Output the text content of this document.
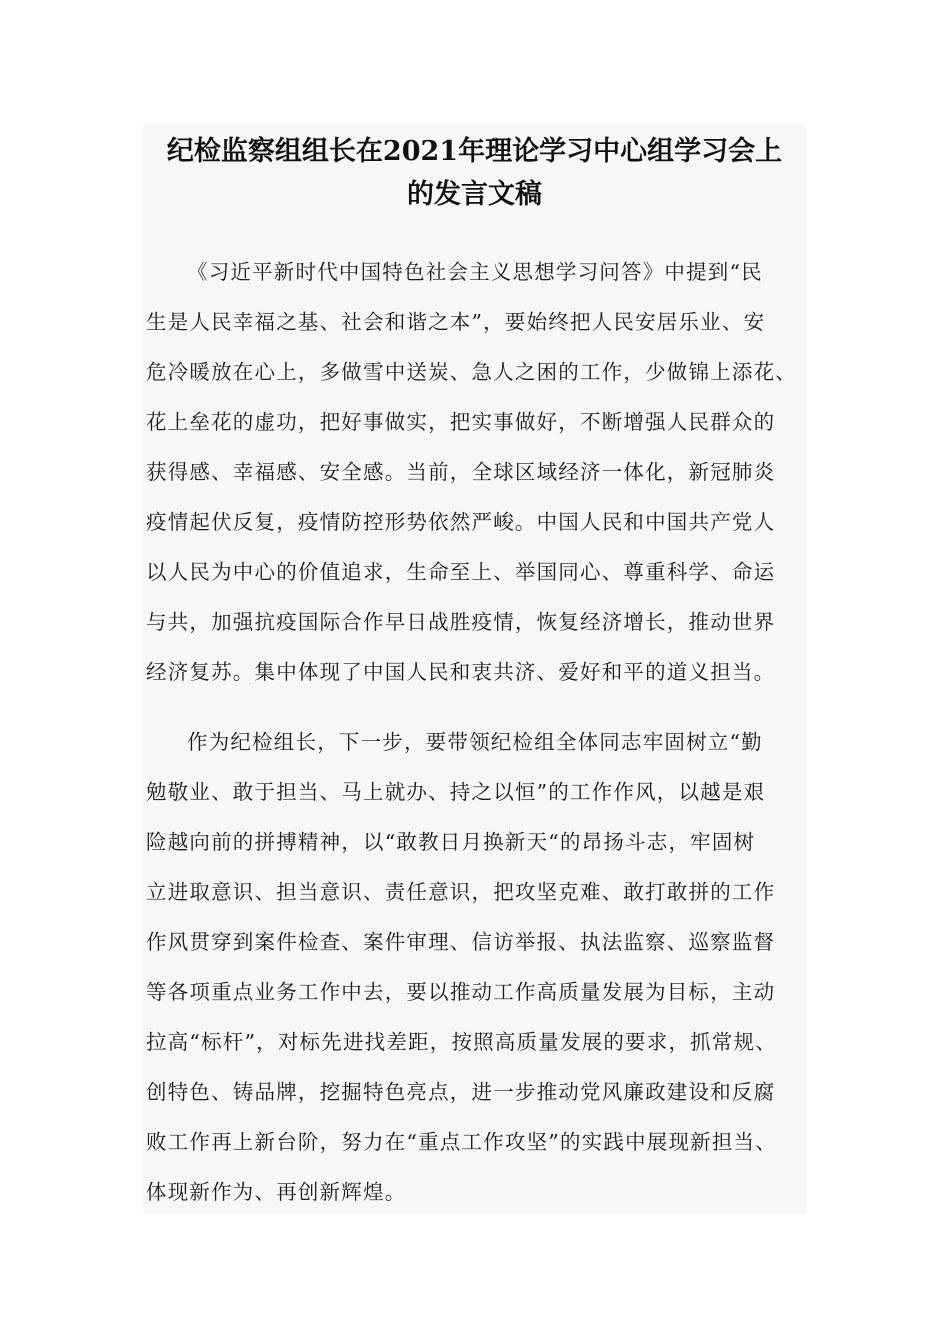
纪检监察组组长在2021年理论学习中心组学习会上
的发言文稿
《习近平新时代中国特色社会主义思想学习问答》中提到“民
生是人民幸福之基、社会和谐之本”，要始终把人民安居乐业、安
危冷暖放在心上，多做雪中送炭、急人之困的工作，少做锦上添花、
花上垒花的虚功，把好事做实，把实事做好，不断增强人民群众的
获得感、幸福感、安全感。当前，全球区域经济一体化，新冠肺炎
疫情起伏反复，疫情防控形势依然严峻。中国人民和中国共产党人
以人民为中心的价值追求，生命至上、举国同心、尊重科学、命运
与共，加强抗疫国际合作早日战胜疫情，恢复经济增长，推动世界
经济复苏。集中体现了中国人民和衷共济、爱好和平的道义担当。
作为纪检组长，下一步，要带领纪检组全体同志牢固树立“勤
勉敬业、敢于担当、马上就办、持之以恒”的工作作风，以越是艰
险越向前的拼搏精神，以“敢教日月换新天“的昂扬斗志，牢固树
立进取意识、担当意识、责任意识，把攻坚克难、敢打敢拼的工作
作风贯穿到案件检查、案件审理、信访举报、执法监察、巡察监督
等各项重点业务工作中去，要以推动工作高质量发展为目标，主动
拉高“标杆”，对标先进找差距，按照高质量发展的要求，抓常规、
创特色、铸品牌，挖掘特色亮点，进一步推动党风廉政建设和反腐
败工作再上新台阶，努力在“重点工作攻坚”的实践中展现新担当、
体现新作为、再创新辉煌。
